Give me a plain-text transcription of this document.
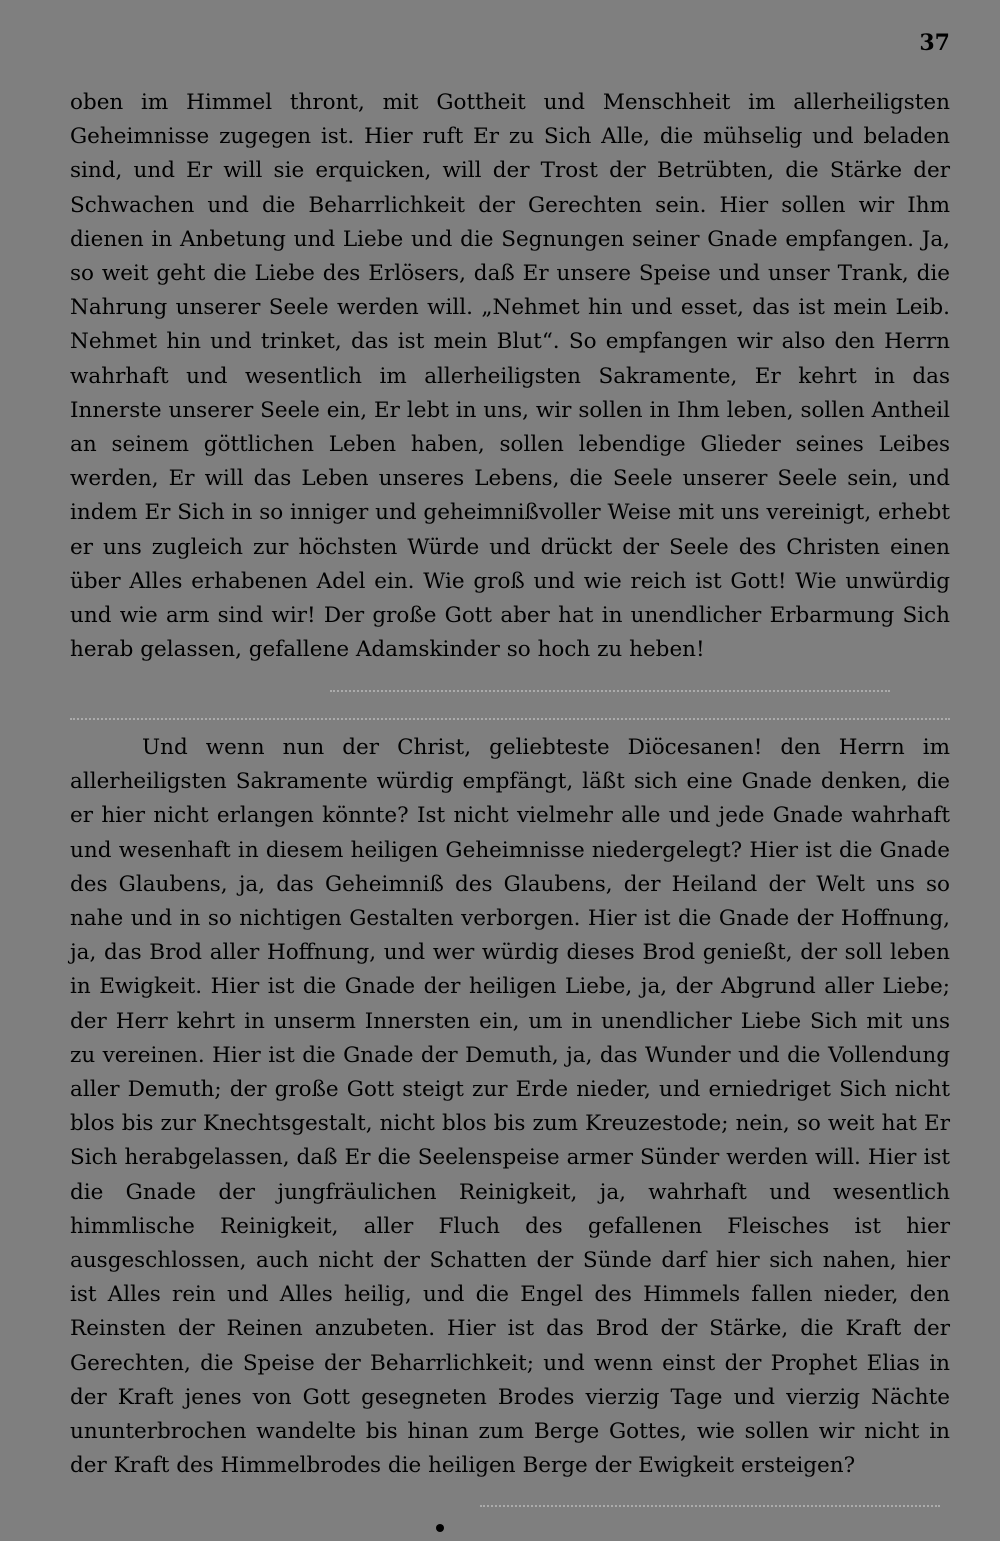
37

oben im Himmel thront, mit Gottheit und Menschheit im allerheiligsten Geheimnisse zugegen ist. Hier ruft Er zu Sich Alle, die mühselig und beladen sind, und Er will sie erquicken, will der Trost der Betrübten, die Stärke der Schwachen und die Beharrlichkeit der Gerechten sein. Hier sollen wir Ihm dienen in Anbetung und Liebe und die Segnungen seiner Gnade empfangen. Ja, so weit geht die Liebe des Erlösers, daß Er unsere Speise und unser Trank, die Nahrung unserer Seele werden will. „Nehmet hin und esset, das ist mein Leib. Nehmet hin und trinket, das ist mein Blut“. So empfangen wir also den Herrn wahrhaft und wesentlich im allerheiligsten Sakramente, Er kehrt in das Innerste unserer Seele ein, Er lebt in uns, wir sollen in Ihm leben, sollen Antheil an seinem göttlichen Leben haben, sollen lebendige Glieder seines Leibes werden, Er will das Leben unseres Lebens, die Seele unserer Seele sein, und indem Er Sich in so inniger und geheimnißvoller Weise mit uns vereinigt, erhebt er uns zugleich zur höchsten Würde und drückt der Seele des Christen einen über Alles erhabenen Adel ein. Wie groß und wie reich ist Gott! Wie unwürdig und wie arm sind wir! Der große Gott aber hat in unendlicher Erbarmung Sich herab gelassen, gefallene Adamskinder so hoch zu heben!

Und wenn nun der Christ, geliebteste Diöcesanen! den Herrn im allerheiligsten Sakramente würdig empfängt, läßt sich eine Gnade denken, die er hier nicht erlangen könnte? Ist nicht vielmehr alle und jede Gnade wahrhaft und wesenhaft in diesem heiligen Geheimnisse niedergelegt? Hier ist die Gnade des Glaubens, ja, das Geheimniß des Glaubens, der Heiland der Welt uns so nahe und in so nichtigen Gestalten verborgen. Hier ist die Gnade der Hoffnung, ja, das Brod aller Hoffnung, und wer würdig dieses Brod genießt, der soll leben in Ewigkeit. Hier ist die Gnade der heiligen Liebe, ja, der Abgrund aller Liebe; der Herr kehrt in unserm Innersten ein, um in unendlicher Liebe Sich mit uns zu vereinen. Hier ist die Gnade der Demuth, ja, das Wunder und die Vollendung aller Demuth; der große Gott steigt zur Erde nieder, und erniedriget Sich nicht blos bis zur Knechtsgestalt, nicht blos bis zum Kreuzestode; nein, so weit hat Er Sich herabgelassen, daß Er die Seelenspeise armer Sünder werden will. Hier ist die Gnade der jungfräulichen Reinigkeit, ja, wahrhaft und wesentlich himmlische Reinigkeit, aller Fluch des gefallenen Fleisches ist hier ausgeschlossen, auch nicht der Schatten der Sünde darf hier sich nahen, hier ist Alles rein und Alles heilig, und die Engel des Himmels fallen nieder, den Reinsten der Reinen anzubeten. Hier ist das Brod der Stärke, die Kraft der Gerechten, die Speise der Beharrlichkeit; und wenn einst der Prophet Elias in der Kraft jenes von Gott gesegneten Brodes vierzig Tage und vierzig Nächte ununterbrochen wandelte bis hinan zum Berge Gottes, wie sollen wir nicht in der Kraft des Himmelbrodes die heiligen Berge der Ewigkeit ersteigen?
